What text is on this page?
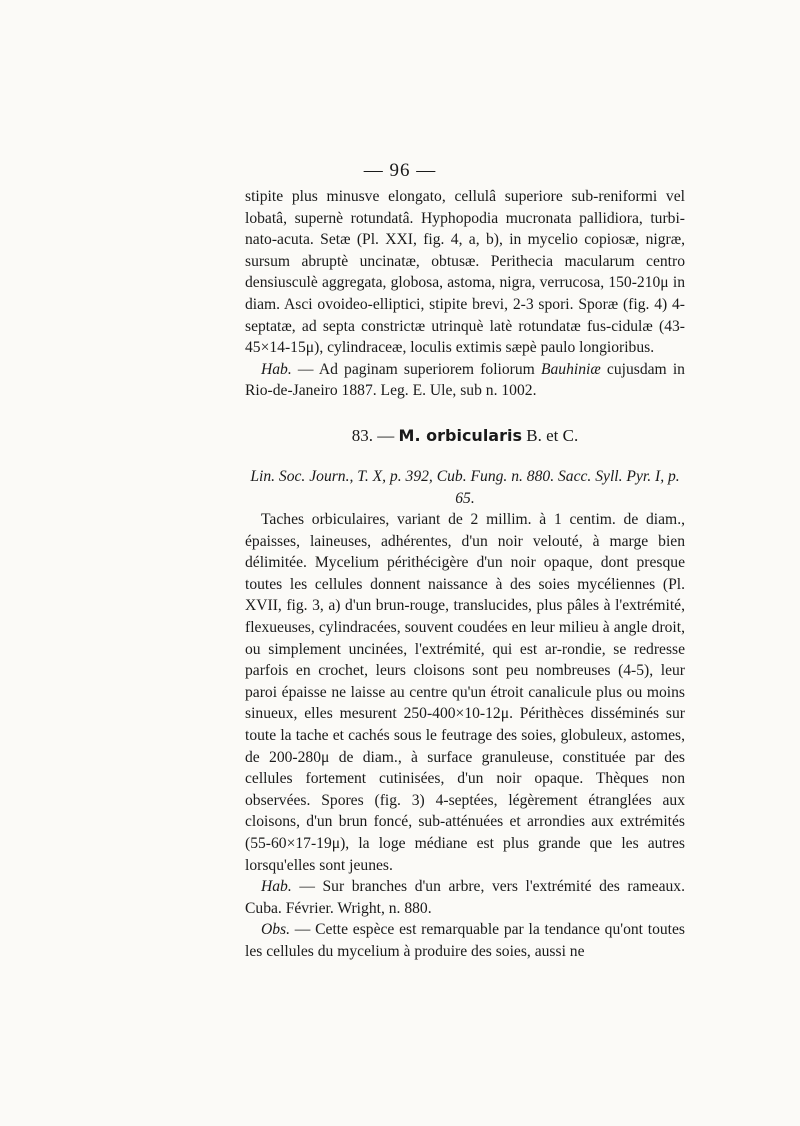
— 96 —

stipite plus minusve elongato, cellulâ superiore sub-reniformi vel lobatâ, supernè rotundatâ. Hyphopodia mucronata pallidiora, turbi-nato-acuta. Setæ (Pl. XXI, fig. 4, a, b), in mycelio copiosæ, nigræ, sursum abruptè uncinatæ, obtusæ. Perithecia macularum centro densiusculè aggregata, globosa, astoma, nigra, verrucosa, 150-210μ in diam. Asci ovoideo-elliptici, stipite brevi, 2-3 spori. Sporæ (fig. 4) 4-septatæ, ad septa constrictæ utrinquè latè rotundatæ fus-cidulæ (43-45×14-15μ), cylindraceæ, loculis extimis sæpè paulo longioribus.

Hab. — Ad paginam superiorem foliorum Bauhiniæ cujusdam in Rio-de-Janeiro 1887. Leg. E. Ule, sub n. 1002.

83. — M. orbicularis B. et C.
Lin. Soc. Journ., T. X, p. 392, Cub. Fung. n. 880. Sacc. Syll. Pyr. I, p. 65.

Taches orbiculaires, variant de 2 millim. à 1 centim. de diam., épaisses, laineuses, adhérentes, d'un noir velouté, à marge bien délimitée. Mycelium périthécigère d'un noir opaque, dont presque toutes les cellules donnent naissance à des soies mycéliennes (Pl. XVII, fig. 3, a) d'un brun-rouge, translucides, plus pâles à l'extrémité, flexueuses, cylindracées, souvent coudées en leur milieu à angle droit, ou simplement uncinées, l'extrémité, qui est ar-rondie, se redresse parfois en crochet, leurs cloisons sont peu nombreuses (4-5), leur paroi épaisse ne laisse au centre qu'un étroit canalicule plus ou moins sinueux, elles mesurent 250-400×10-12μ. Périthèces disséminés sur toute la tache et cachés sous le feutrage des soies, globuleux, astomes, de 200-280μ de diam., à surface granuleuse, constituée par des cellules fortement cutinisées, d'un noir opaque. Thèques non observées. Spores (fig. 3) 4-septées, légèrement étranglées aux cloisons, d'un brun foncé, sub-atténuées et arrondies aux extrémités (55-60×17-19μ), la loge médiane est plus grande que les autres lorsqu'elles sont jeunes.

Hab. — Sur branches d'un arbre, vers l'extrémité des rameaux. Cuba. Février. Wright, n. 880.

Obs. — Cette espèce est remarquable par la tendance qu'ont toutes les cellules du mycelium à produire des soies, aussi ne
